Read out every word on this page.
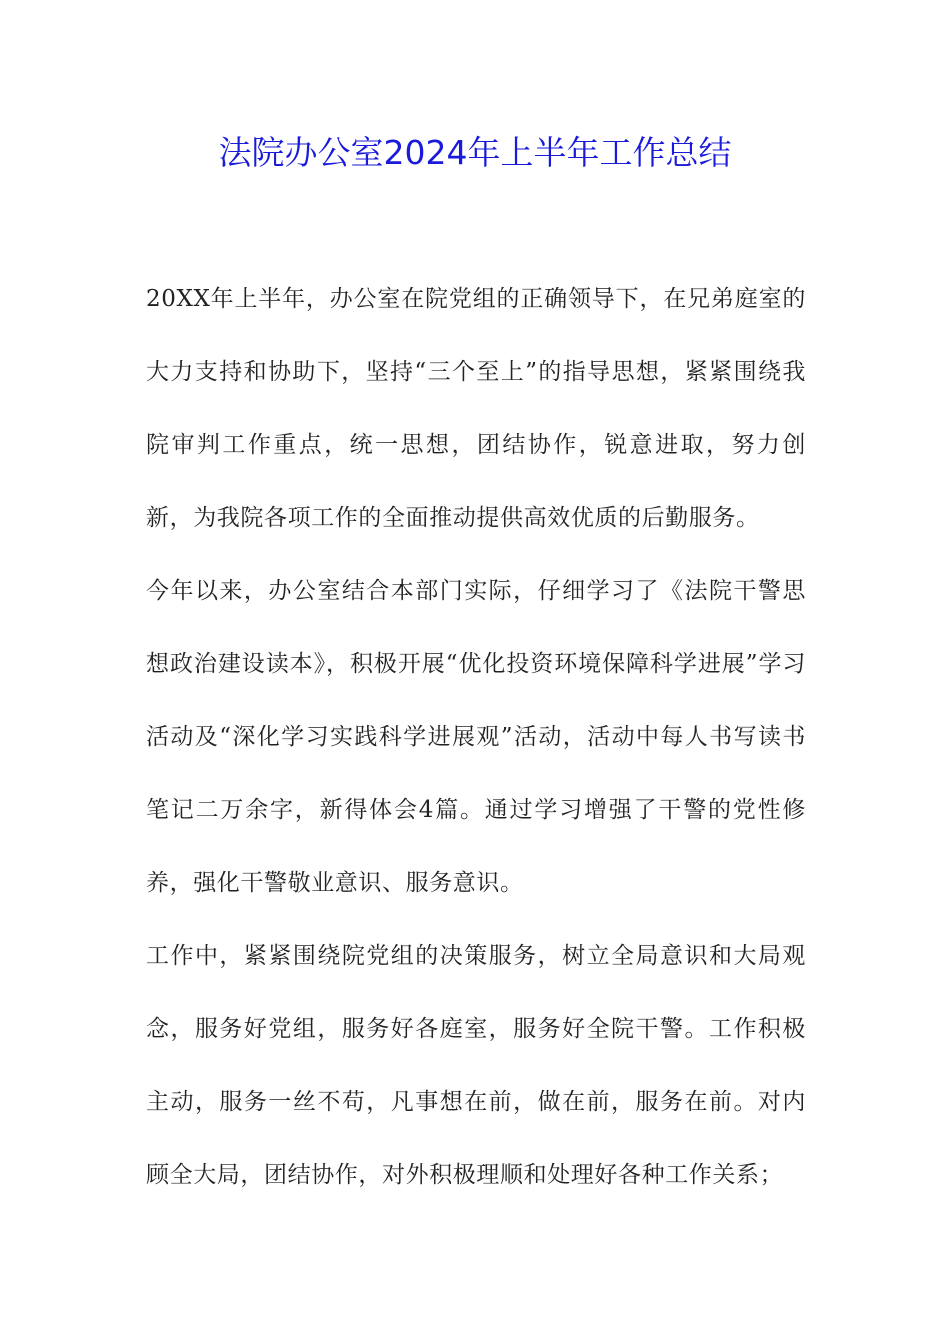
法院办公室2024年上半年工作总结

20XX年上半年，办公室在院党组的正确领导下，在兄弟庭室的大力支持和协助下，坚持“三个至上”的指导思想，紧紧围绕我院审判工作重点，统一思想，团结协作，锐意进取，努力创新，为我院各项工作的全面推动提供高效优质的后勤服务。

今年以来，办公室结合本部门实际，仔细学习了《法院干警思想政治建设读本》，积极开展“优化投资环境保障科学进展”学习活动及“深化学习实践科学进展观”活动，活动中每人书写读书笔记二万余字，新得体会4篇。通过学习增强了干警的党性修养，强化干警敬业意识、服务意识。

工作中，紧紧围绕院党组的决策服务，树立全局意识和大局观念，服务好党组，服务好各庭室，服务好全院干警。工作积极主动，服务一丝不苟，凡事想在前，做在前，服务在前。对内顾全大局，团结协作，对外积极理顺和处理好各种工作关系；
